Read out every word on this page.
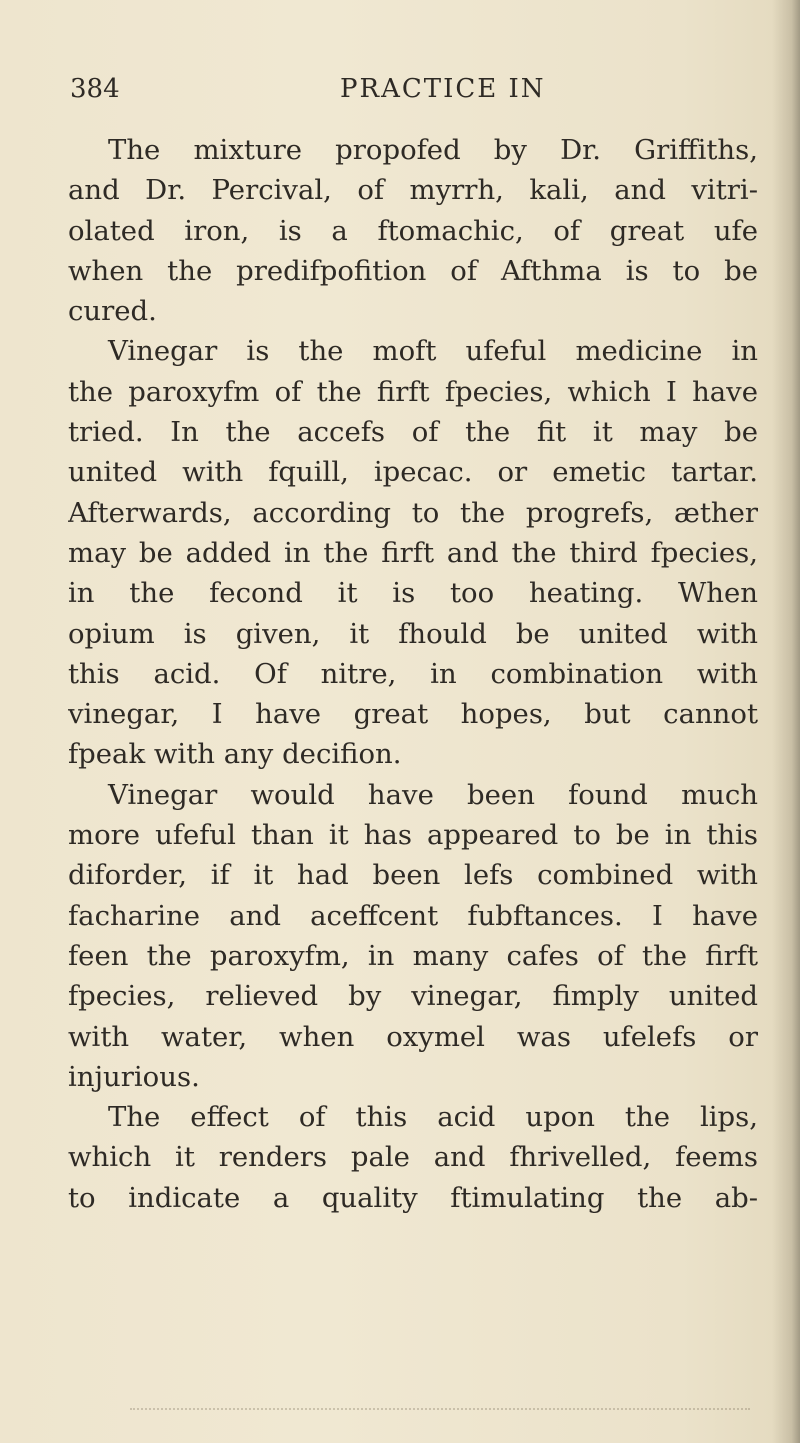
384	PRACTICE IN
The mixture propofed by Dr. Griffiths,
and Dr. Percival, of myrrh, kali, and vitri-
olated iron, is a ftomachic, of great ufe
when the predifpofition of Afthma is to be
cured.
Vinegar is the moft ufeful medicine in
the paroxyfm of the firft fpecies, which I have
tried. In the accefs of the fit it may be
united with fquill, ipecac. or emetic tartar.
Afterwards, according to the progrefs, æther
may be added in the firft and the third fpecies,
in the fecond it is too heating. When
opium is given, it fhould be united with
this acid. Of nitre, in combination with
vinegar, I have great hopes, but cannot
fpeak with any decifion.
Vinegar would have been found much
more ufeful than it has appeared to be in this
diforder, if it had been lefs combined with
facharine and aceffcent fubftances. I have
feen the paroxyfm, in many cafes of the firft
fpecies, relieved by vinegar, fimply united
with water, when oxymel was ufelefs or
injurious.
The effect of this acid upon the lips,
which it renders pale and fhrivelled, feems
to indicate a quality ftimulating the ab-
